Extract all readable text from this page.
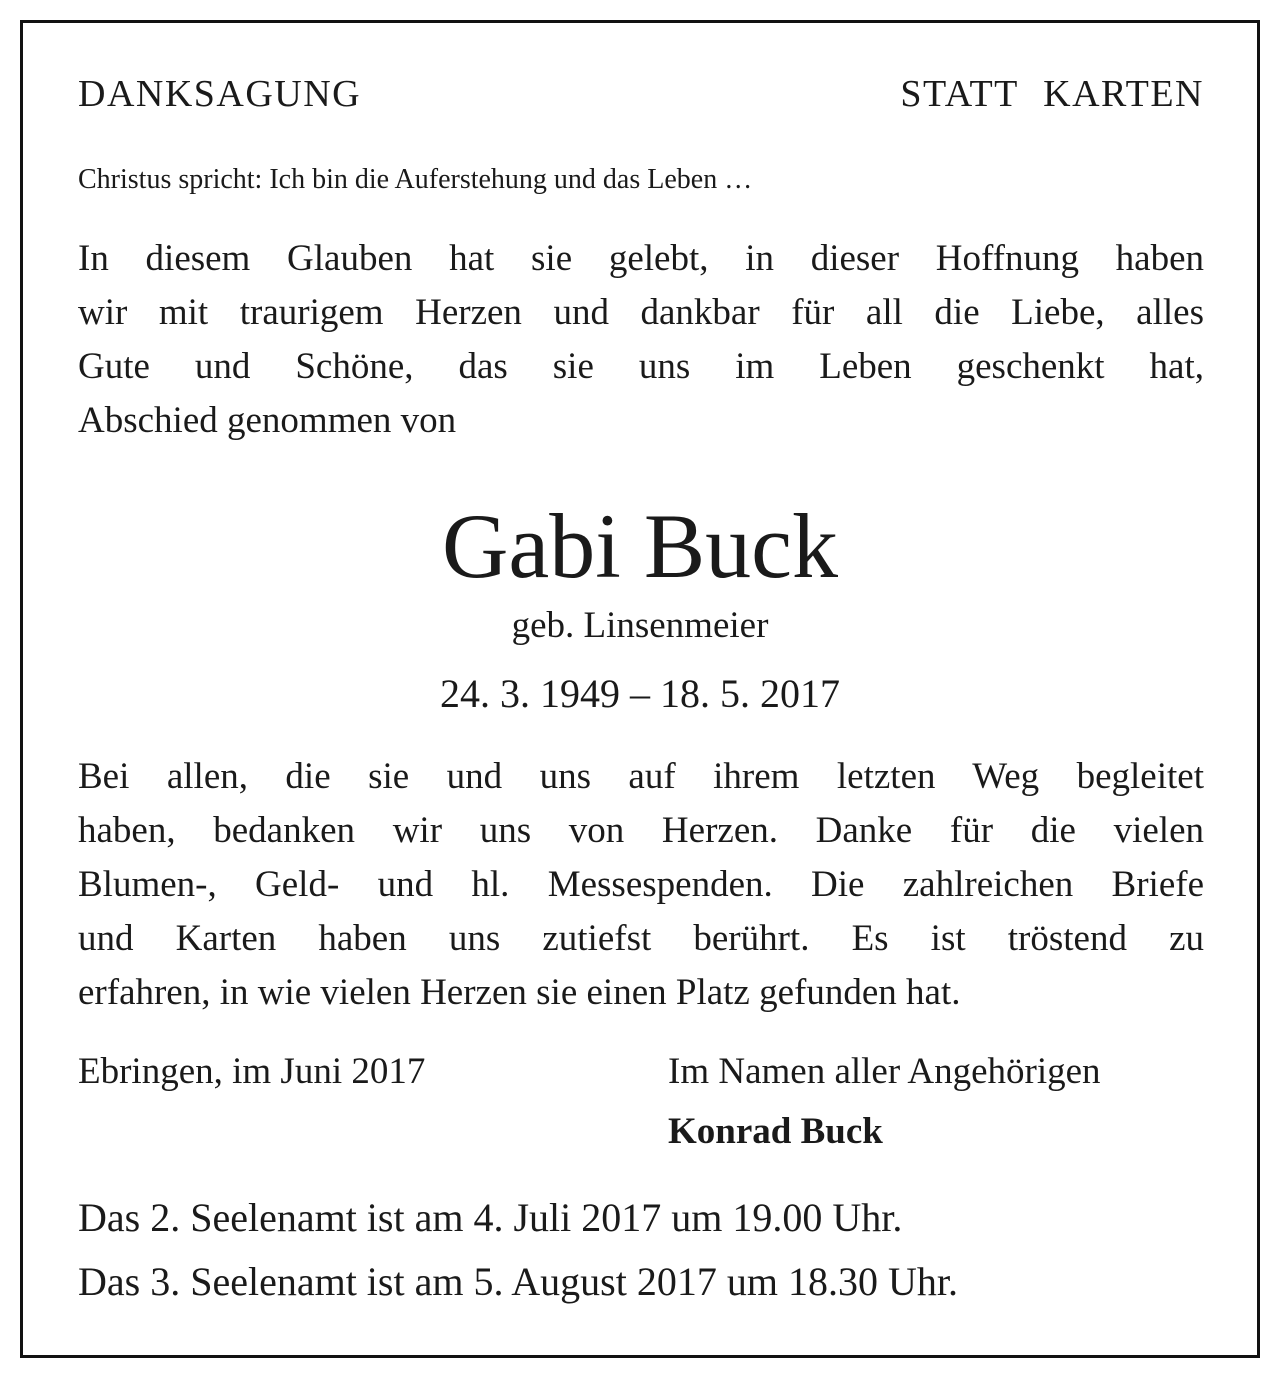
DANKSAGUNG	STATT KARTEN
Christus spricht: Ich bin die Auferstehung und das Leben …
In diesem Glauben hat sie gelebt, in dieser Hoffnung haben
wir mit traurigem Herzen und dankbar für all die Liebe, alles
Gute und Schöne, das sie uns im Leben geschenkt hat,
Abschied genommen von
Gabi Buck
geb. Linsenmeier
24. 3. 1949 – 18. 5. 2017
Bei allen, die sie und uns auf ihrem letzten Weg begleitet
haben, bedanken wir uns von Herzen. Danke für die vielen
Blumen-, Geld- und hl. Messespenden. Die zahlreichen Briefe
und Karten haben uns zutiefst berührt. Es ist tröstend zu
erfahren, in wie vielen Herzen sie einen Platz gefunden hat.
Ebringen, im Juni 2017	Im Namen aller Angehörigen
Konrad Buck
Das 2. Seelenamt ist am 4. Juli 2017 um 19.00 Uhr.
Das 3. Seelenamt ist am 5. August 2017 um 18.30 Uhr.
